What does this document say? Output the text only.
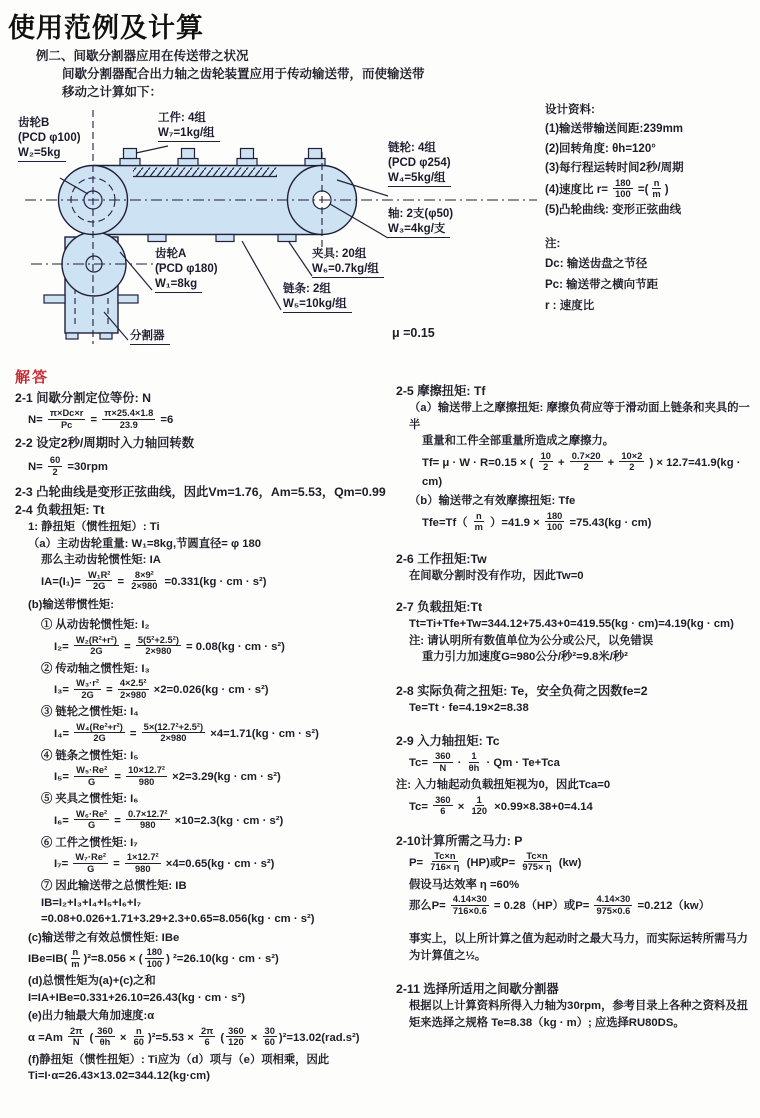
使用范例及计算
例二、间歇分割器应用在传送带之状况
间歇分割器配合出力轴之齿轮装置应用于传动输送带，而使输送带
移动之计算如下：
齿轮B
(PCD φ100)
W₂=5kg
工件: 4组
W₇=1kg/组
链轮: 4组
(PCD φ254)
W₄=5kg/组
轴: 2支(φ50)
W₃=4kg/支
夹具: 20组
W₆=0.7kg/组
链条: 2组
W₅=10kg/组
齿轮A
(PCD φ180)
W₁=8kg
分割器	μ =0.15
设计资料:
(1)输送带输送间距:239mm
(2)回转角度: θh=120°
(3)每行程运转时间2秒/周期
(4)速度比 $r= \frac{180}{100}$ =( $\frac{n}{m}$ )
(5)凸轮曲线: 变形正弦曲线
注:
Dc: 输送齿盘之节径
Pc: 输送带之横向节距
r : 速度比
解答
2-1 间歇分割定位等份: N
$N= \frac{\pi\times Dc\times r}{Pc} = \frac{\pi\times 25.4\times 1.8}{23.9} =6$
2-2 设定2秒/周期时入力轴回转数
$N= \frac{60}{2} =30rpm$
2-3 凸轮曲线是变形正弦曲线，因此Vm=1.76，Am=5.53，Qm=0.99
2-4 负载扭矩: Tt
1: 静扭矩（惯性扭矩）: Ti
（a）主动齿轮重量: W₁=8kg,节圆直径= φ 180
那么主动齿轮惯性矩: IA
$IA=(I_1)= \frac{\text{W₁R²}}{2G} = \frac{\text{8×9²}}{2\times 980} =0.331(kg$ · cm · s²)
(b)输送带惯性矩:
① 从动齿轮惯性矩: I₂
$I_2= \frac{\text{W₂(R²+r²)}}{2G} = \frac{\text{5(5²+2.5²)}}{2\times 980} = 0.08(kg$ · cm · s²)
② 传动轴之惯性矩: I₃
$I_3= \frac{\text{W₃·r²}}{2G} = \frac{\text{4×2.5²}}{2\times 980} \times 2=0.026(kg$ · cm · s²)
③ 链轮之惯性矩: I₄
$I_4= \frac{\text{W₄(Re²+r²)}}{2G} = \frac{\text{5×(12.7²+2.5²)}}{2\times 980} \times 4=1.71(kg$ · cm · s²)
④ 链条之惯性矩: I₅
$I_5= \frac{\text{W₅·Re²}}{G} = \frac{\text{10×12.7²}}{980} \times 2=3.29(kg$ · cm · s²)
⑤ 夹具之惯性矩: I₆
$I_6= \frac{\text{W₆·Re²}}{G} = \frac{\text{0.7×12.7²}}{980} \times 10=2.3(kg$ · cm · s²)
⑥ 工件之惯性矩: I₇
$I_7= \frac{\text{W₇·Re²}}{G} = \frac{\text{1×12.7²}}{980} \times 4=0.65(kg$ · cm · s²)
⑦ 因此输送带之总惯性矩: IB
IB=I₂+I₃+I₄+I₅+I₆+I₇
=0.08+0.026+1.71+3.29+2.3+0.65=8.056(kg · cm · s²)
(c)输送带之有效总惯性矩: IBe
$IBe=IB( \frac{n}{m} )^2=8.056$ × ( $\frac{180}{100}$ ) ²=26.10(kg · cm · s²)
(d)总惯性矩为(a)+(c)之和
I=IA+IBe=0.331+26.10=26.43(kg · cm · s²)
(e)出力轴最大角加速度:α
$\alpha =Am \frac{2\pi}{N}$ ( $\frac{360}{\theta h} \times \frac{n}{60} )^2=5.53 \times \frac{2\pi}{6}$ ( $\frac{360}{120} \times \frac{30}{60} )^2=13.02(rad.s^2)$
(f)静扭矩（惯性扭矩）: Ti应为（d）项与（e）项相乘，因此
Ti=I·α=26.43×13.02=344.12(kg·cm)
2-5 摩擦扭矩: Tf
（a）输送带上之摩擦扭矩: 摩擦负荷应等于滑动面上链条和夹具的一半
重量和工件全部重量所造成之摩擦力。
Tf= μ · W · R=0.15 × ( $\frac{10}{2} + \frac{0.7\times 20}{2} + \frac{10\times 2}{2}$ ) × 12.7=41.9(kg · cm)
（b）输送带之有效摩擦扭矩: Tfe
$Tfe=Tf( \frac{n}{m} )=41.9 \times \frac{180}{100} =75.43(kg \cdot cm)$
2-6 工作扭矩:Tw
在间歇分割时没有作功，因此Tw=0
2-7 负载扭矩:Tt
Tt=Ti+Tfe+Tw=344.12+75.43+0=419.55(kg · cm)=4.19(kg · cm)
注: 请认明所有数值单位为公分或公尺，以免错误
重力引力加速度G=980公分/秒²=9.8米/秒²
2-8 实际负荷之扭矩: Te，安全负荷之因数fe=2
Te=Tt · fe=4.19×2=8.38
2-9 入力轴扭矩: Tc
$Tc= \frac{360}{N} \cdot \frac{1}{\theta h} \cdot Qm \cdot Te+Tca$
注: 入力轴起动负载扭矩视为0，因此Tca=0
$Tc= \frac{360}{6} \times \frac{1}{120} \times 0.99\times 8.38+0=4.14$
2-10计算所需之马力: P
$P= \frac{Tc\times n}{716\times \eta} (HP)$或$P= \frac{Tc\times n}{975\times \eta} (kw)$
假设马达效率 η =60%
那么$P= \frac{4.14\times 30}{716\times 0.6} = 0.28(HP)$或$P= \frac{4.14\times 30}{975\times 0.6} =0.212(kw)$
事实上，以上所计算之值为起动时之最大马力，而实际运转所需马力
为计算值之½。
2-11 选择所适用之间歇分割器
根据以上计算资料所得入力轴为30rpm，参考目录上各种之资料及扭
矩来选择之规格 Te=8.38（kg · m）; 应选择RU80DS。
